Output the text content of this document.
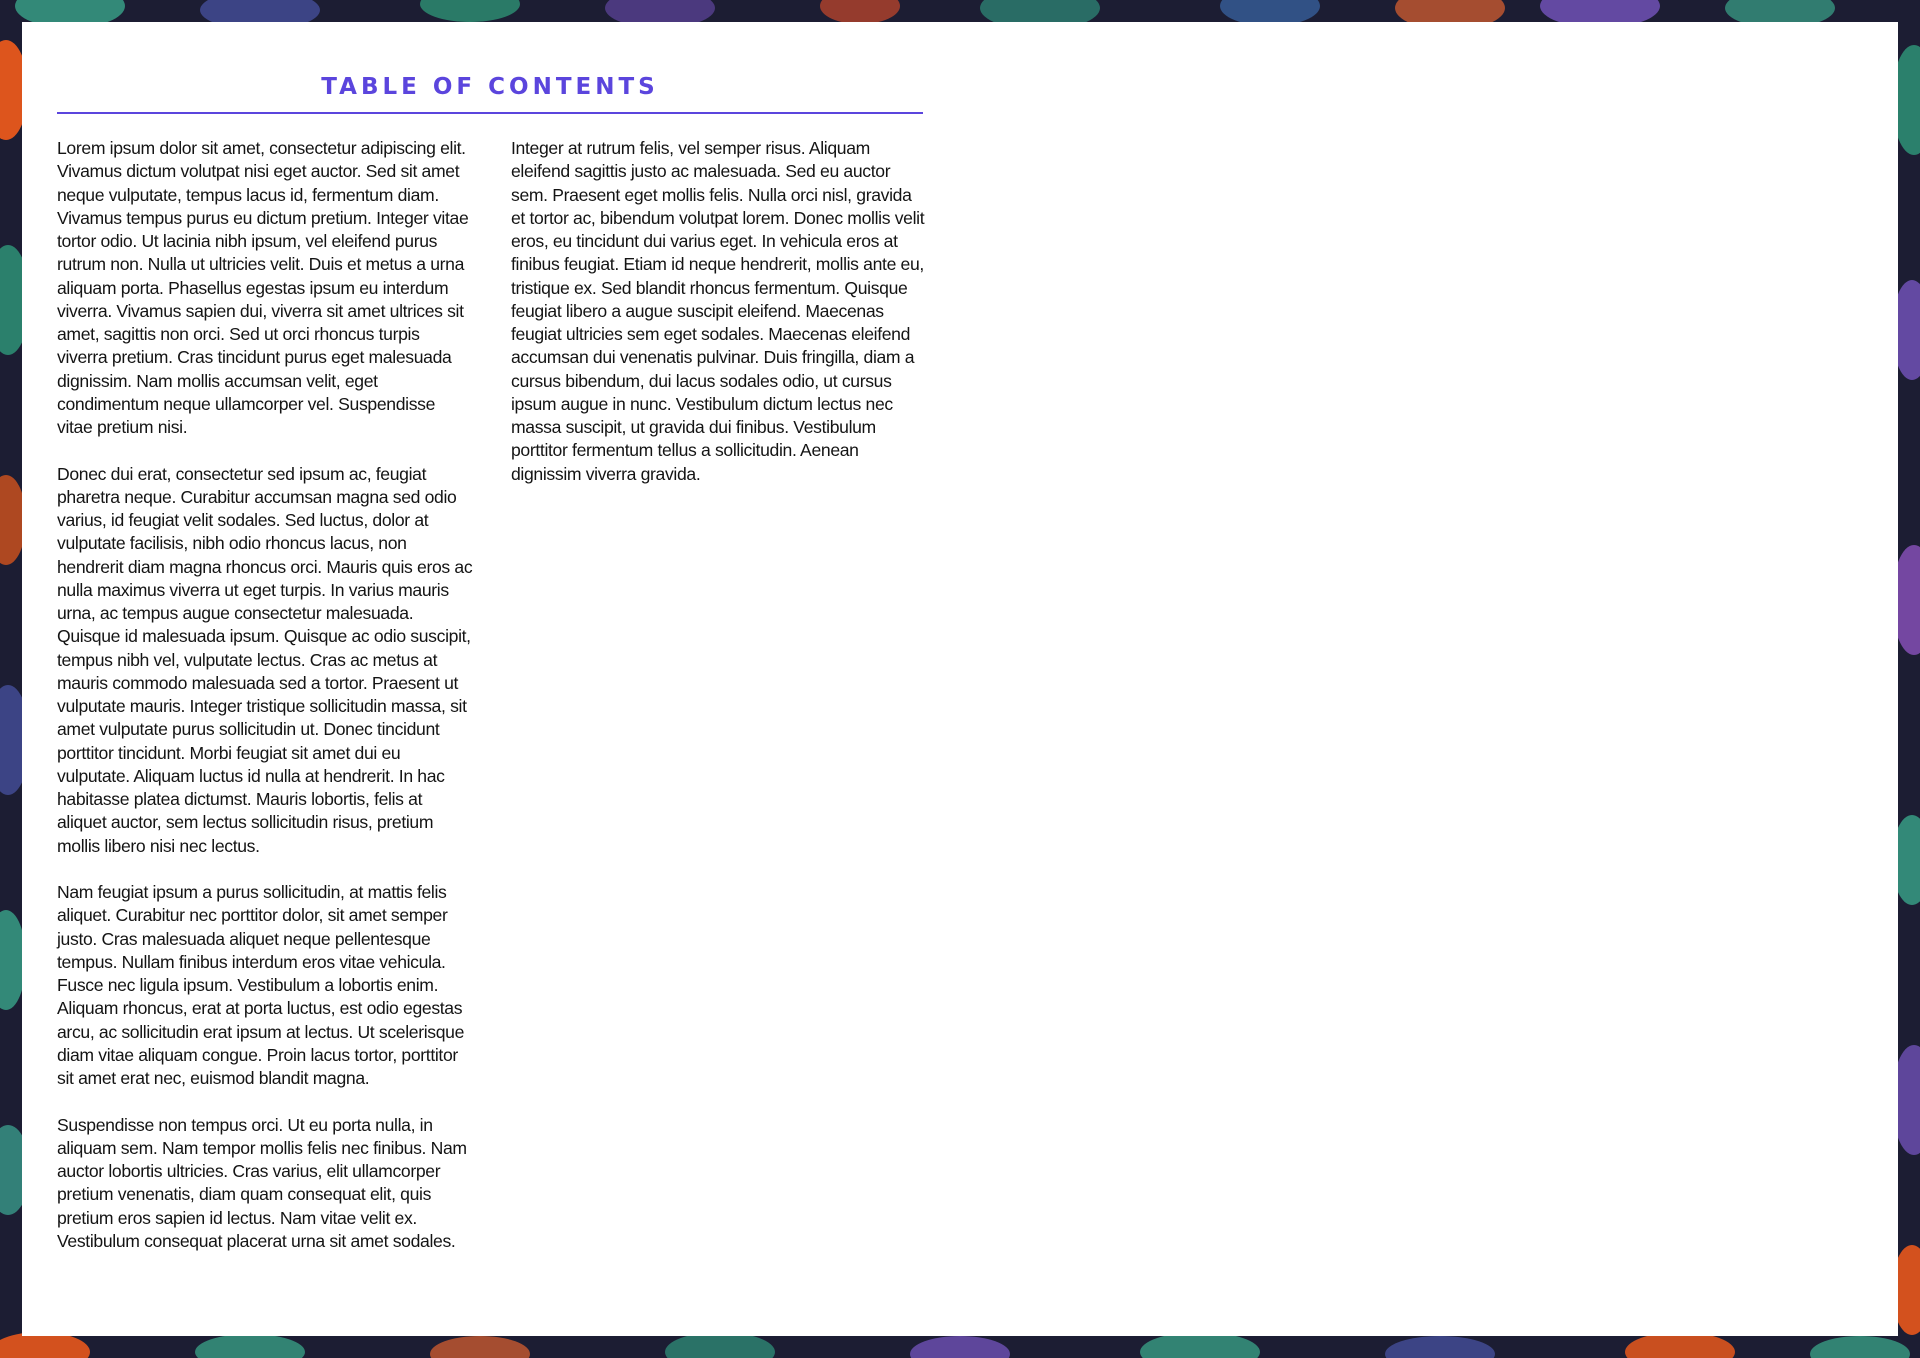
TABLE OF CONTENTS

Lorem ipsum dolor sit amet, consectetur adipiscing elit. Vivamus dictum volutpat nisi eget auctor. Sed sit amet neque vulputate, tempus lacus id, fermentum diam. Vivamus tempus purus eu dictum pretium. Integer vitae tortor odio. Ut lacinia nibh ipsum, vel eleifend purus rutrum non. Nulla ut ultricies velit. Duis et metus a urna aliquam porta. Phasellus egestas ipsum eu interdum viverra. Vivamus sapien dui, viverra sit amet ultrices sit amet, sagittis non orci. Sed ut orci rhoncus turpis viverra pretium. Cras tincidunt purus eget malesuada dignissim. Nam mollis accumsan velit, eget condimentum neque ullamcorper vel. Suspendisse vitae pretium nisi.

Donec dui erat, consectetur sed ipsum ac, feugiat pharetra neque. Curabitur accumsan magna sed odio varius, id feugiat velit sodales. Sed luctus, dolor at vulputate facilisis, nibh odio rhoncus lacus, non hendrerit diam magna rhoncus orci. Mauris quis eros ac nulla maximus viverra ut eget turpis. In varius mauris urna, ac tempus augue consectetur malesuada. Quisque id malesuada ipsum. Quisque ac odio suscipit, tempus nibh vel, vulputate lectus. Cras ac metus at mauris commodo malesuada sed a tortor. Praesent ut vulputate mauris. Integer tristique sollicitudin massa, sit amet vulputate purus sollicitudin ut. Donec tincidunt porttitor tincidunt. Morbi feugiat sit amet dui eu vulputate. Aliquam luctus id nulla at hendrerit. In hac habitasse platea dictumst. Mauris lobortis, felis at aliquet auctor, sem lectus sollicitudin risus, pretium mollis libero nisi nec lectus.

Nam feugiat ipsum a purus sollicitudin, at mattis felis aliquet. Curabitur nec porttitor dolor, sit amet semper justo. Cras malesuada aliquet neque pellentesque tempus. Nullam finibus interdum eros vitae vehicula. Fusce nec ligula ipsum. Vestibulum a lobortis enim. Aliquam rhoncus, erat at porta luctus, est odio egestas arcu, ac sollicitudin erat ipsum at lectus. Ut scelerisque diam vitae aliquam congue. Proin lacus tortor, porttitor sit amet erat nec, euismod blandit magna.

Suspendisse non tempus orci. Ut eu porta nulla, in aliquam sem. Nam tempor mollis felis nec finibus. Nam auctor lobortis ultricies. Cras varius, elit ullamcorper pretium venenatis, diam quam consequat elit, quis pretium eros sapien id lectus. Nam vitae velit ex. Vestibulum consequat placerat urna sit amet sodales.

Integer at rutrum felis, vel semper risus. Aliquam eleifend sagittis justo ac malesuada. Sed eu auctor sem. Praesent eget mollis felis. Nulla orci nisl, gravida et tortor ac, bibendum volutpat lorem. Donec mollis velit eros, eu tincidunt dui varius eget. In vehicula eros at finibus feugiat. Etiam id neque hendrerit, mollis ante eu, tristique ex. Sed blandit rhoncus fermentum. Quisque feugiat libero a augue suscipit eleifend. Maecenas feugiat ultricies sem eget sodales. Maecenas eleifend accumsan dui venenatis pulvinar. Duis fringilla, diam a cursus bibendum, dui lacus sodales odio, ut cursus ipsum augue in nunc. Vestibulum dictum lectus nec massa suscipit, ut gravida dui finibus. Vestibulum porttitor fermentum tellus a sollicitudin. Aenean dignissim viverra gravida.
